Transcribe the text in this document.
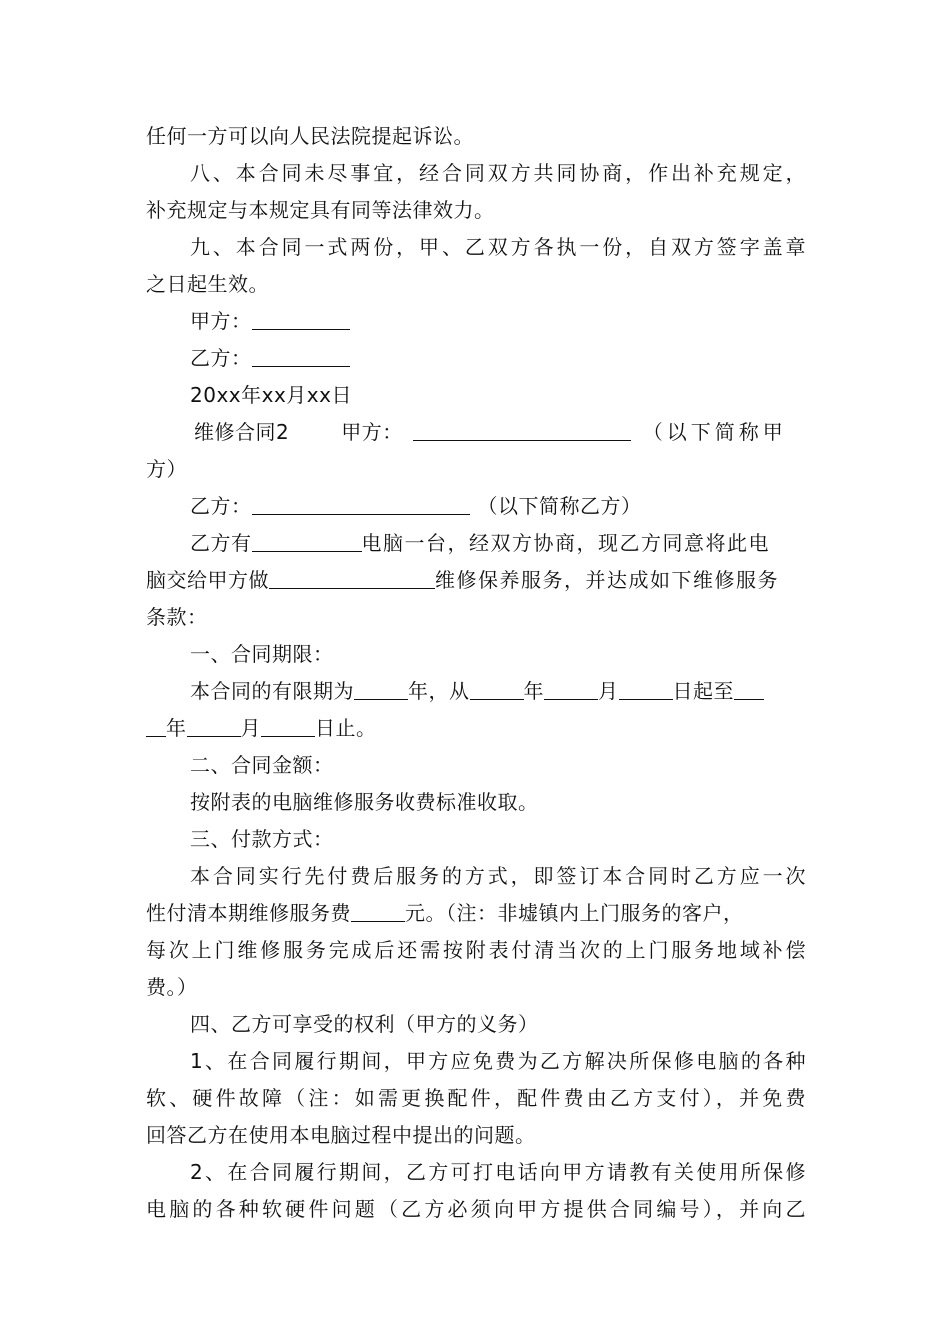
任何一方可以向人民法院提起诉讼。
八、本合同未尽事宜，经合同双方共同协商，作出补充规定，
补充规定与本规定具有同等法律效力。
九、本合同一式两份，甲、乙双方各执一份，自双方签字盖章
之日起生效。
甲方：
乙方：
20xx年xx月xx日
维修合同2	甲方：	（以下简称甲
方）
乙方：	（以下简称乙方）
乙方有	电脑一台，经双方协商，现乙方同意将此电
脑交给甲方做	维修保养服务，并达成如下维修服务
条款：
一、合同期限：
本合同的有限期为	年，从	年	月	日起至
年	月	日止。
二、合同金额：
按附表的电脑维修服务收费标准收取。
三、付款方式：
本合同实行先付费后服务的方式，即签订本合同时乙方应一次
性付清本期维修服务费	元。（注：非墟镇内上门服务的客户，
每次上门维修服务完成后还需按附表付清当次的上门服务地域补偿
费。）
四、乙方可享受的权利（甲方的义务）
1、在合同履行期间，甲方应免费为乙方解决所保修电脑的各种
软、硬件故障（注：如需更换配件，配件费由乙方支付），并免费
回答乙方在使用本电脑过程中提出的问题。
2、在合同履行期间，乙方可打电话向甲方请教有关使用所保修
电脑的各种软硬件问题（乙方必须向甲方提供合同编号），并向乙
